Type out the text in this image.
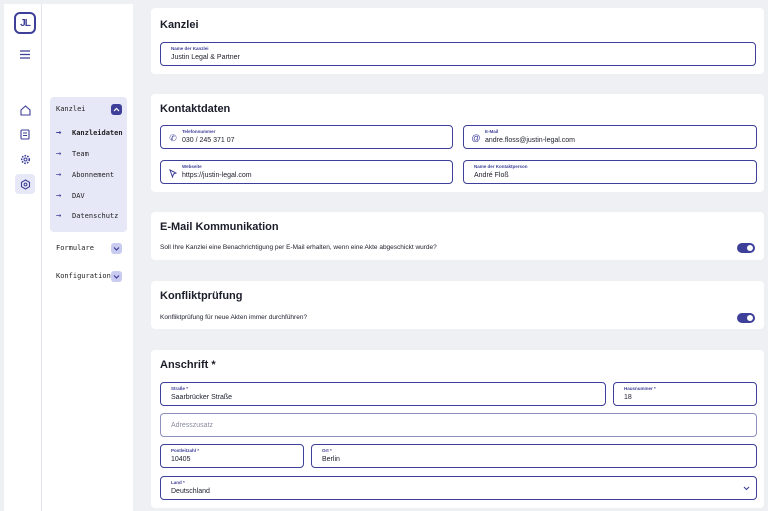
JL
Kanzlei
→	Kanzleidaten
→	Team
→	Abonnement
→	DAV
→	Datenschutz
Formulare
Konfiguration
Kanzlei
Name der Kanzlei
Justin Legal & Partner
Kontaktdaten
✆
Telefonnummer
030 / 245 371 07	@
E-Mail
andre.floss@justin-legal.com
Webseite
https://justin-legal.com
Name der Kontaktperson
André Floß
E-Mail Kommunikation
Soll Ihre Kanzlei eine Benachrichtigung per E-Mail erhalten, wenn eine Akte abgeschickt wurde?
Konfliktprüfung
Konfliktprüfung für neue Akten immer durchführen?
Anschrift *
Straße *
Saarbrücker Straße
Hausnummer *
18
Adresszusatz
Postleitzahl *
10405
Ort *
Berlin
Land *
Deutschland
